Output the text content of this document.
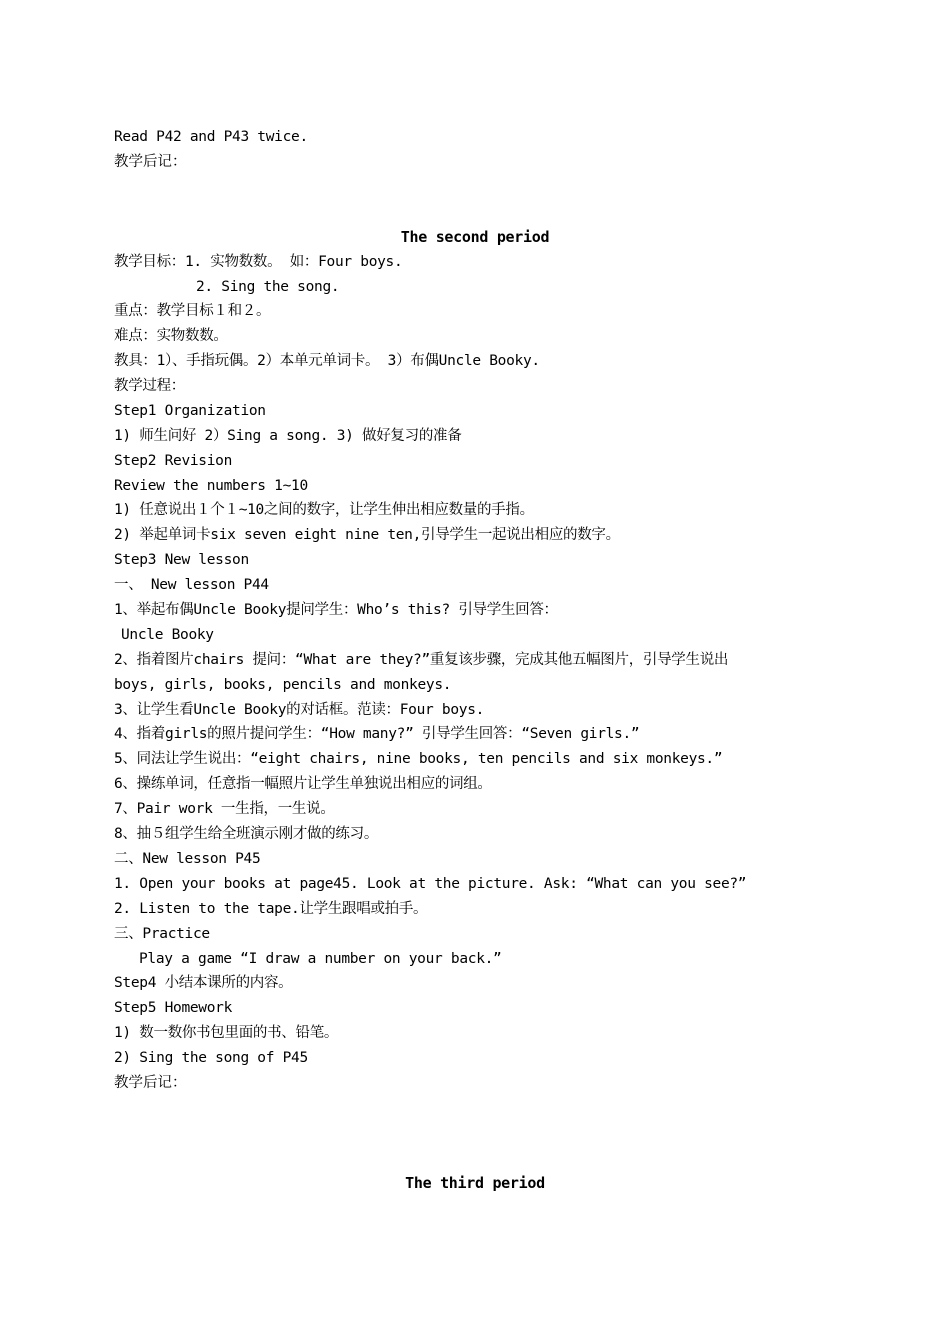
Read P42 and P43 twice.
教学后记：
The second period
教学目标：1. 实物数数。 如：Four boys.
2. Sing the song.
重点：教学目标１和２。
难点：实物数数。
教具：1）、手指玩偶。2）本单元单词卡。 3）布偶Uncle Booky.
教学过程：
Step1 Organization
1) 师生问好 2）Sing a song. 3) 做好复习的准备
Step2 Revision
Review the numbers 1~10
1) 任意说出１个１~10之间的数字，让学生伸出相应数量的手指。
2) 举起单词卡six seven eight nine ten,引导学生一起说出相应的数字。
Step3 New lesson
一、 New lesson P44
1、举起布偶Uncle Booky提问学生：Who’s this? 引导学生回答：
Uncle Booky
2、指着图片chairs 提问：“What are they?”重复该步骤，完成其他五幅图片，引导学生说出
boys, girls, books, pencils and monkeys.
3、让学生看Uncle Booky的对话框。范读：Four boys.
4、指着girls的照片提问学生：“How many?” 引导学生回答：“Seven girls.”
5、同法让学生说出：“eight chairs, nine books, ten pencils and six monkeys.”
6、操练单词，任意指一幅照片让学生单独说出相应的词组。
7、Pair work 一生指，一生说。
8、抽５组学生给全班演示刚才做的练习。
二、New lesson P45
1. Open your books at page45. Look at the picture. Ask: “What can you see?”
2. Listen to the tape.让学生跟唱或拍手。
三、Practice
Play a game “I draw a number on your back.”
Step4 小结本课所的内容。
Step5 Homework
1) 数一数你书包里面的书、铅笔。
2) Sing the song of P45
教学后记：
The third period
